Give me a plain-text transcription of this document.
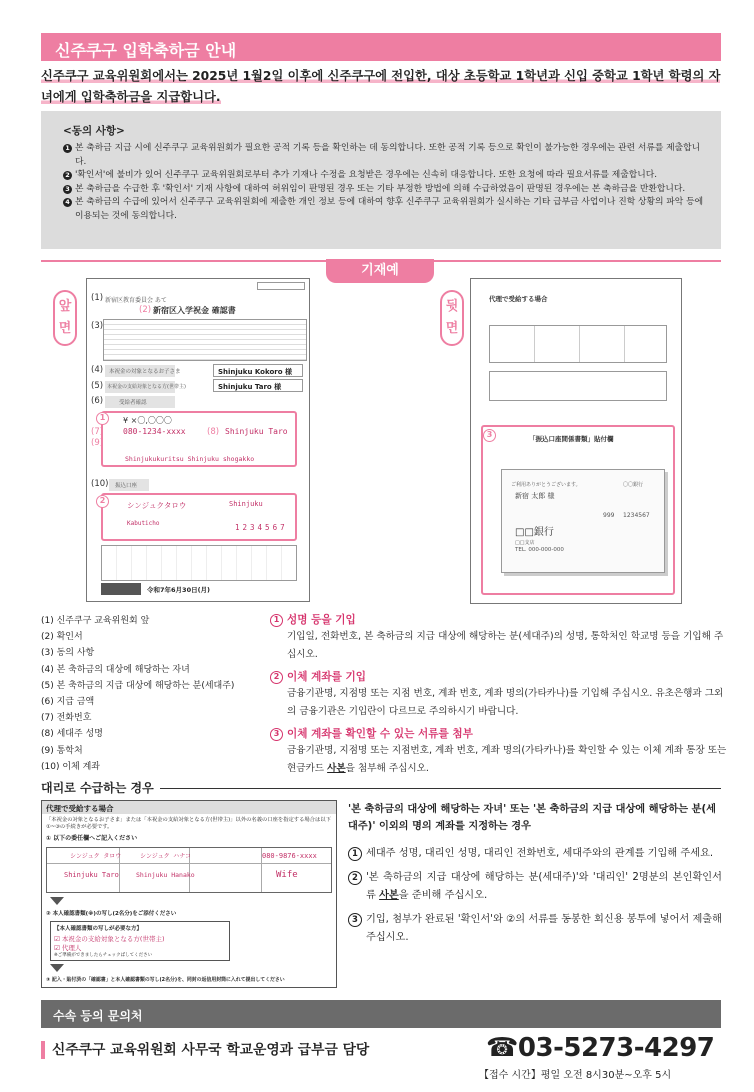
신주쿠구 입학축하금 안내
신주쿠구 교육위원회에서는 2025년 1월2일 이후에 신주쿠구에 전입한, 대상 초등학교 1학년과 신입 중학교 1학년 학령의 자녀에게 입학축하금을 지급합니다.
<동의 사항>
1 본 축하금 지급 시에 신주쿠구 교육위원회가 필요한 공적 기록 등을 확인하는 데 동의합니다. 또한 공적 기록 등으로 확인이 불가능한 경우에는 관련 서류를 제출합니다.
2 '확인서'에 불비가 있어 신주쿠구 교육위원회로부터 추가 기재나 수정을 요청받은 경우에는 신속히 대응합니다. 또한 요청에 따라 필요서류를 제출합니다.
3 본 축하금을 수급한 후 '확인서' 기재 사항에 대하여 허위임이 판명된 경우 또는 기타 부정한 방법에 의해 수급하였음이 판명된 경우에는 본 축하금을 반환합니다.
4 본 축하금의 수급에 있어서 신주쿠구 교육위원회에 제출한 개인 정보 등에 대하여 향후 신주쿠구 교육위원회가 실시하는 기타 급부금 사업이나 진학 상황의 파악 등에 이용되는 것에 동의합니다.
기재예
앞 면
뒷 면
(1) 新宿区教育委員会 あて
(2) 新宿区入学祝金 確認書
(3)
(4) 本祝金の対象となるお子さま	Shinjuku Kokoro 様
(5) 本祝金の支給対象となる方(世帯主)	Shinjuku Taro 様
(6)	受給者確認
1	¥ ×〇,〇〇〇
(7) 080-1234-xxxx	(8) Shinjuku Taro
(9)
Shinjukukuritsu Shinjuku shogakko
(10) 振込口座
2
シンジュクタロウ	Shinjuku
Kabuticho	1234567
令和7年6月30日(月)
代理で受給する場合
3	「振込口座間係書類」貼付欄
ご利用ありがとうございます。	〇〇銀行
新宿 太郎 様
999 1234567
□□銀行
□□支店
TEL. 000-000-000
(1) 신주쿠구 교육위원회 앞
(2) 확인서
(3) 동의 사항
(4) 본 축하금의 대상에 해당하는 자녀
(5) 본 축하금의 지급 대상에 해당하는 분(세대주)
(6) 지급 금액
(7) 전화번호
(8) 세대주 성명
(9) 통학처
(10) 이체 계좌
1 성명 등을 기입

기입일, 전화번호, 본 축하금의 지급 대상에 해당하는 분(세대주)의 성명, 통학처인 학교명 등을 기입해 주십시오.

2 이체 계좌를 기입

금융기관명, 지점명 또는 지점 번호, 계좌 번호, 계좌 명의(가타카나)를 기입해 주십시오. 유초은행과 그외의 금융기관은 기입란이 다르므로 주의하시기 바랍니다.

3 이체 계좌를 확인할 수 있는 서류를 첨부

금융기관명, 지점명 또는 지점번호, 계좌 번호, 계좌 명의(가타카나)를 확인할 수 있는 이체 계좌 통장 또는 현금카드 사본을 첨부해 주십시오.

대리로 수급하는 경우
代理で受給する場合
「本祝金の対象となるお子さま」または「本祝金の支給対象となる方(世帯主)」以外の名義の口座を指定する場合は以下①~③の手続きが必要です。
① 以下の委任欄へご記入ください
シンジュク タロウ	シンジュク ハナコ	080-9876-xxxx
Shinjuku Taro	Shinjuku Hanako	Wife
② 本人確認書類(※)の写し(2名分)をご添付ください
【本人確認書類の写しが必要な方】
☑ 本祝金の支給対象となる方(世帯主)
☑ 代理人
※ご準備ができましたらチェックばしてください
③ 記入・貼付済の「確認書」と本人確認書類の写し(2名分)を、同封の返信用封筒に入れて提出してください
'본 축하금의 대상에 해당하는 자녀' 또는 '본 축하금의 지급 대상에 해당하는 분(세대주)' 이외의 명의 계좌를 지정하는 경우
1 세대주 성명, 대리인 성명, 대리인 전화번호, 세대주와의 관계를 기입해 주세요.
2 '본 축하금의 지급 대상에 해당하는 분(세대주)'와 '대리인' 2명분의 본인확인서류 사본을 준비해 주십시오.
3 기입, 첨부가 완료된 '확인서'와 ②의 서류를 동봉한 회신용 봉투에 넣어서 제출해 주십시오.
수속 등의 문의처
신주쿠구 교육위원회 사무국 학교운영과 급부금 담당	☎03-5273-4297
【접수 시간】평일 오전 8시30분~오후 5시
